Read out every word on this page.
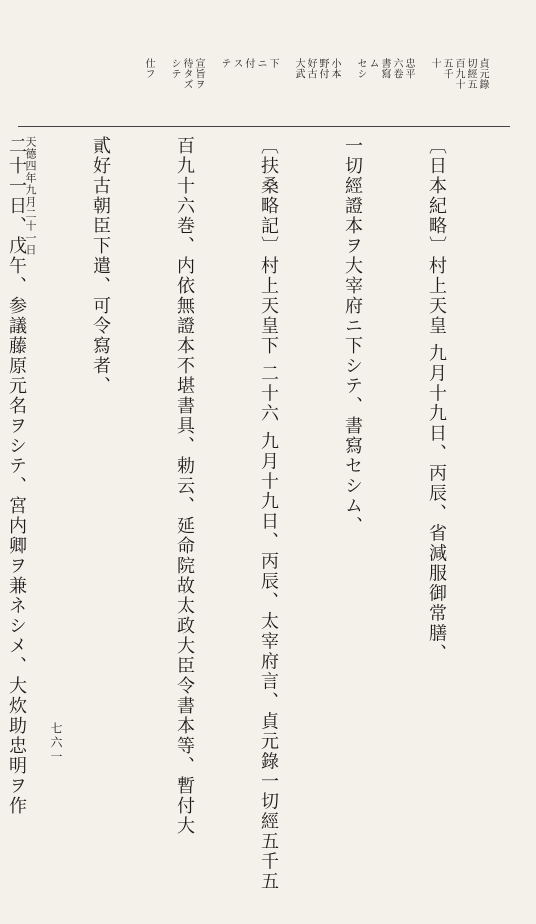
貞元錄
切經五
百九十
五千
十
忠平
六卷
書寫
ム
セシ
小本
野付
好古
大武
下
ニ
付
ス
テ
宣旨ヲ
待タズ
シテ
仕フ

〔日本紀略〕村上天皇 九月十九日、丙辰、省減服御常膳、

一切經證本ヲ大宰府ニ下シテ、書寫セシム、

〔扶桑略記〕村上天皇下 二十六 九月十九日、丙辰、太宰府言、貞元錄一切經五千五

百九十六巻、内依無證本不堪書具、勅云、延命院故太政大臣令書本等、暫付大

貳好古朝臣下遣、可令寫者、

二十一日、戊午、参議藤原元名ヲシテ、宮内卿ヲ兼ネシメ、大炊助忠明ヲ作

天德四年九月二十一日
七六一
